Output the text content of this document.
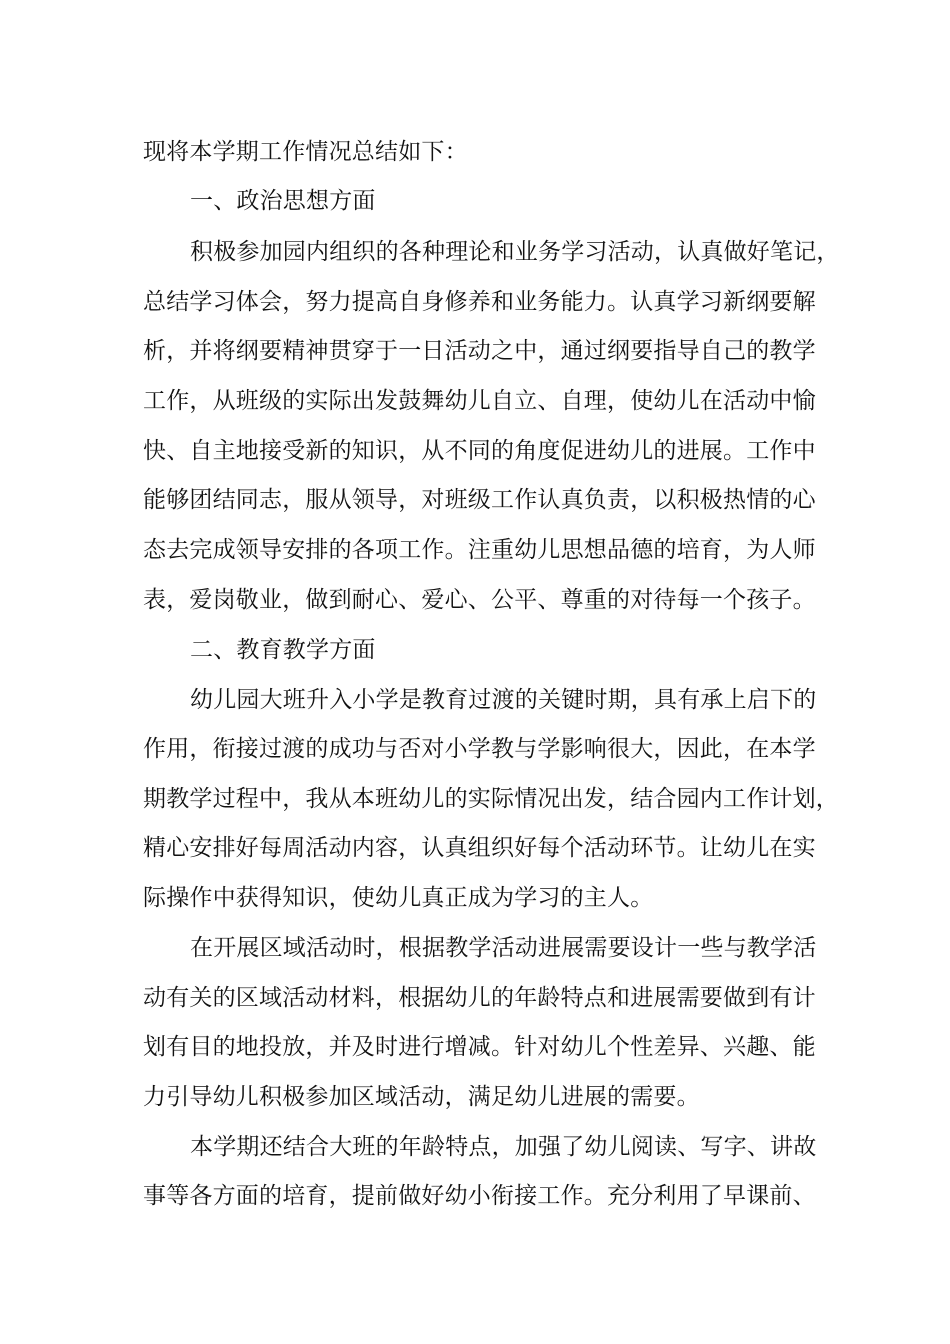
现将本学期工作情况总结如下：
一、政治思想方面
积极参加园内组织的各种理论和业务学习活动，认真做好笔记，
总结学习体会，努力提高自身修养和业务能力。认真学习新纲要解
析，并将纲要精神贯穿于一日活动之中，通过纲要指导自己的教学
工作，从班级的实际出发鼓舞幼儿自立、自理，使幼儿在活动中愉
快、自主地接受新的知识，从不同的角度促进幼儿的进展。工作中
能够团结同志，服从领导，对班级工作认真负责，以积极热情的心
态去完成领导安排的各项工作。注重幼儿思想品德的培育，为人师
表，爱岗敬业，做到耐心、爱心、公平、尊重的对待每一个孩子。
二、教育教学方面
幼儿园大班升入小学是教育过渡的关键时期，具有承上启下的
作用，衔接过渡的成功与否对小学教与学影响很大，因此，在本学
期教学过程中，我从本班幼儿的实际情况出发，结合园内工作计划，
精心安排好每周活动内容，认真组织好每个活动环节。让幼儿在实
际操作中获得知识，使幼儿真正成为学习的主人。
在开展区域活动时，根据教学活动进展需要设计一些与教学活
动有关的区域活动材料，根据幼儿的年龄特点和进展需要做到有计
划有目的地投放，并及时进行增减。针对幼儿个性差异、兴趣、能
力引导幼儿积极参加区域活动，满足幼儿进展的需要。
本学期还结合大班的年龄特点，加强了幼儿阅读、写字、讲故
事等各方面的培育，提前做好幼小衔接工作。充分利用了早课前、
